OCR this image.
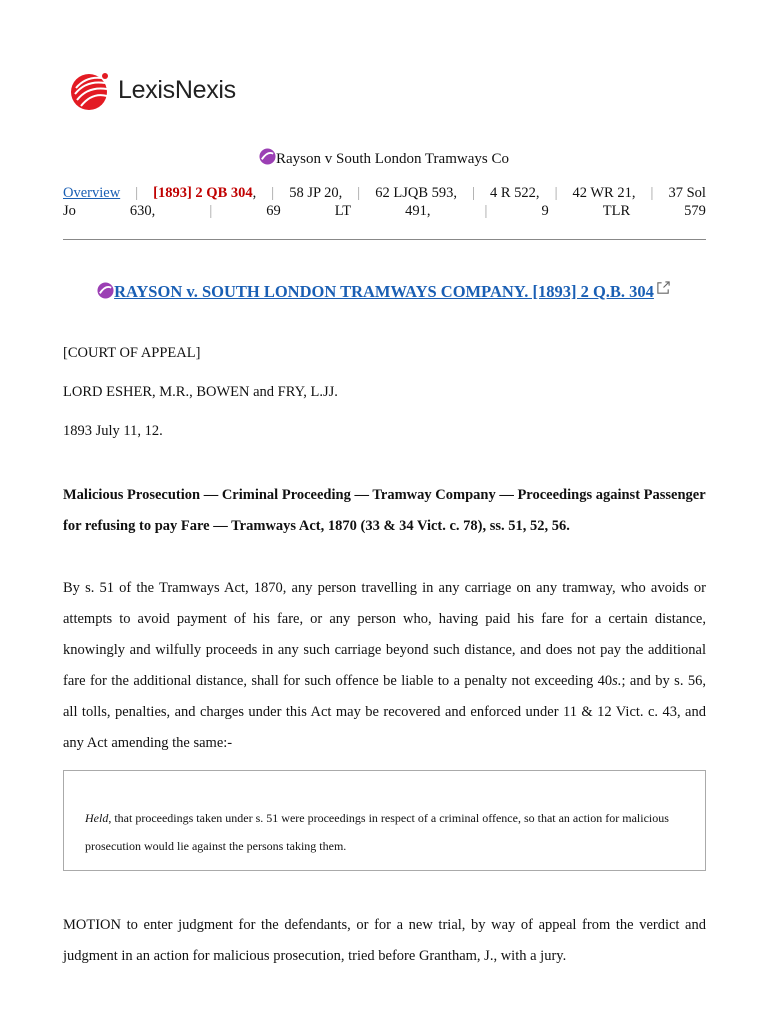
LexisNexis
Rayson v South London Tramways Co
Overview | [1893] 2 QB 304, | 58 JP 20, | 62 LJQB 593, | 4 R 522, | 42 WR 21, | 37 Sol
Jo	630,	|	69	LT	491,	|	9	TLR	579
RAYSON v. SOUTH LONDON TRAMWAYS COMPANY. [1893] 2 Q.B. 304
[COURT OF APPEAL]
LORD ESHER, M.R., BOWEN and FRY, L.JJ.
1893 July 11, 12.
Malicious Prosecution — Criminal Proceeding — Tramway Company — Proceedings against Passenger for refusing to pay Fare — Tramways Act, 1870 (33 & 34 Vict. c. 78), ss. 51, 52, 56.
By s. 51 of the Tramways Act, 1870, any person travelling in any carriage on any tramway, who avoids or attempts to avoid payment of his fare, or any person who, having paid his fare for a certain distance, knowingly and wilfully proceeds in any such carriage beyond such distance, and does not pay the additional fare for the additional distance, shall for such offence be liable to a penalty not exceeding 40s.; and by s. 56, all tolls, penalties, and charges under this Act may be recovered and enforced under 11 & 12 Vict. c. 43, and any Act amending the same:-
Held, that proceedings taken under s. 51 were proceedings in respect of a criminal offence, so that an action for malicious prosecution would lie against the persons taking them.
MOTION to enter judgment for the defendants, or for a new trial, by way of appeal from the verdict and judgment in an action for malicious prosecution, tried before Grantham, J., with a jury.
